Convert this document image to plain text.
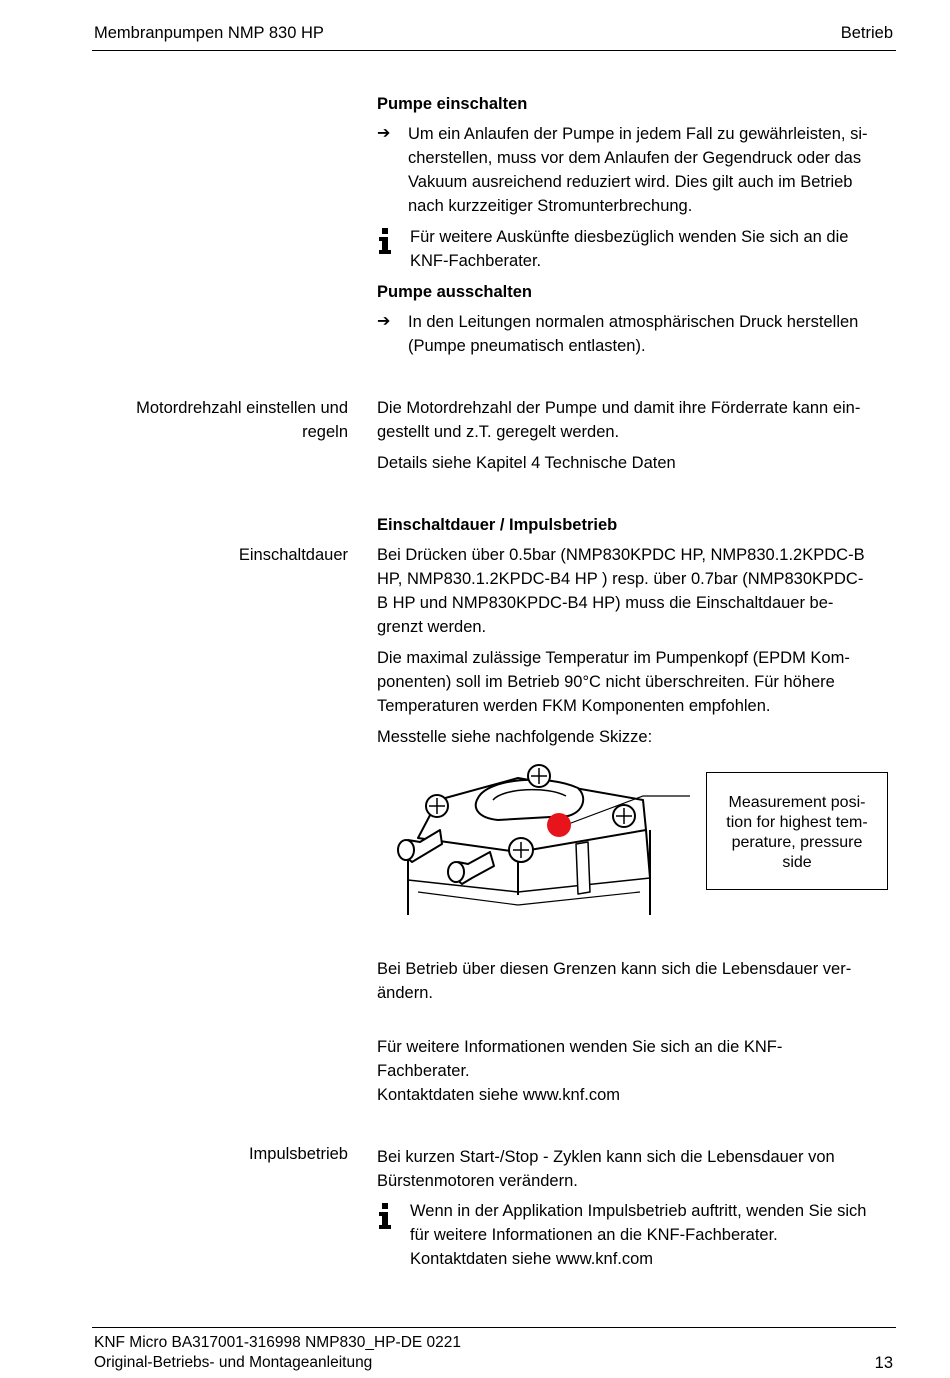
Membranpumpen NMP 830 HP	Betrieb
Pumpe einschalten
➔ Um ein Anlaufen der Pumpe in jedem Fall zu gewährleisten, si-
cherstellen, muss vor dem Anlaufen der Gegendruck oder das
Vakuum ausreichend reduziert wird. Dies gilt auch im Betrieb
nach kurzzeitiger Stromunterbrechung.
Für weitere Auskünfte diesbezüglich wenden Sie sich an die
KNF-Fachberater.
Pumpe ausschalten
➔ In den Leitungen normalen atmosphärischen Druck herstellen
(Pumpe pneumatisch entlasten).
Motordrehzahl einstellen und
regeln
Die Motordrehzahl der Pumpe und damit ihre Förderrate kann ein-
gestellt und z.T. geregelt werden.
Details siehe Kapitel 4 Technische Daten
Einschaltdauer / Impulsbetrieb
Einschaltdauer Bei Drücken über 0.5bar (NMP830KPDC HP, NMP830.1.2KPDC-B
HP, NMP830.1.2KPDC-B4 HP ) resp. über 0.7bar (NMP830KPDC-
B HP und NMP830KPDC-B4 HP) muss die Einschaltdauer be-
grenzt werden.
Die maximal zulässige Temperatur im Pumpenkopf (EPDM Kom-
ponenten) soll im Betrieb 90°C nicht überschreiten. Für höhere
Temperaturen werden FKM Komponenten empfohlen.
Messtelle siehe nachfolgende Skizze:
Measurement posi-
tion for highest tem-
perature, pressure
side
Bei Betrieb über diesen Grenzen kann sich die Lebensdauer ver-
ändern.
Für weitere Informationen wenden Sie sich an die KNF-
Fachberater.
Kontaktdaten siehe www.knf.com
Impulsbetrieb Bei kurzen Start-/Stop - Zyklen kann sich die Lebensdauer von
Bürstenmotoren verändern.
Wenn in der Applikation Impulsbetrieb auftritt, wenden Sie sich
für weitere Informationen an die KNF-Fachberater.
Kontaktdaten siehe www.knf.com
KNF Micro BA317001-316998 NMP830_HP-DE 0221
Original-Betriebs- und Montageanleitung	13
